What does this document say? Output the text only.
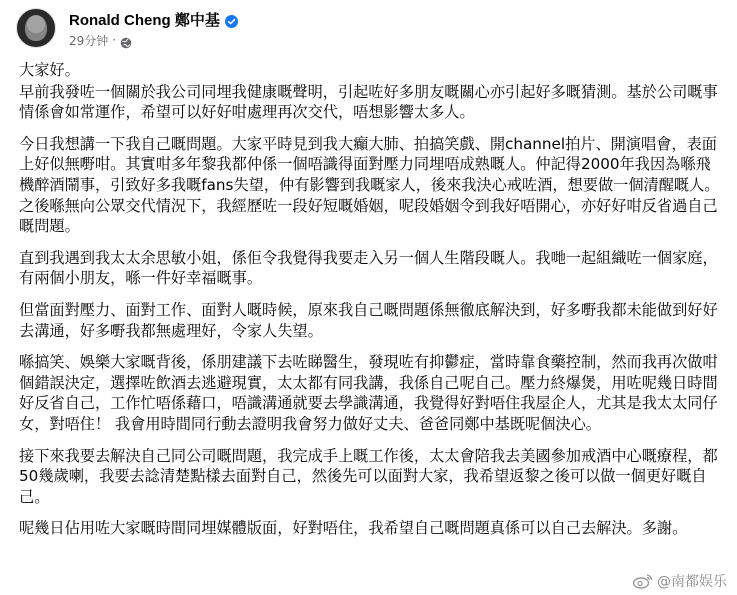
Ronald Cheng 鄭中基
29分钟 ·

大家好。

早前我發咗一個關於我公司同埋我健康嘅聲明，引起咗好多朋友嘅關心亦引起好多嘅猜測。基於公司嘅事情係會如常運作，希望可以好好咁處理再次交代，唔想影響太多人。

今日我想講一下我自己嘅問題。大家平時見到我大癲大肺、拍搞笑戲、開channel拍片、開演唱會，表面上好似無嘢咁。其實咁多年黎我都仲係一個唔識得面對壓力同埋唔成熟嘅人。仲記得2000年我因為喺飛機醉酒鬧事，引致好多我嘅fans失望，仲有影響到我嘅家人，後來我決心戒咗酒，想要做一個清醒嘅人。之後喺無向公眾交代情況下，我經歷咗一段好短嘅婚姻，呢段婚姻令到我好唔開心，亦好好咁反省過自己嘅問題。

直到我遇到我太太余思敏小姐，係佢令我覺得我要走入另一個人生階段嘅人。我哋一起組織咗一個家庭，有兩個小朋友，喺一件好幸福嘅事。

但當面對壓力、面對工作、面對人嘅時候，原來我自己嘅問題係無徹底解決到，好多嘢我都未能做到好好去溝通，好多嘢我都無處理好，令家人失望。

喺搞笑、娛樂大家嘅背後，係朋建議下去咗睇醫生，發現咗有抑鬱症，當時靠食藥控制，然而我再次做咁個錯誤決定，選擇咗飲酒去逃避現實，太太都有同我講，我係自己呢自己。壓力終爆煲，用咗呢幾日時間好反省自己，工作忙唔係藉口，唔識溝通就要去學識溝通，我覺得好對唔住我屋企人，尤其是我太太同仔女，對唔住！ 我會用時間同行動去證明我會努力做好丈夫、爸爸同鄭中基既呢個決心。

接下來我要去解決自己同公司嘅問題，我完成手上嘅工作後，太太會陪我去美國參加戒酒中心嘅療程，都50幾歲喇，我要去諗清楚點樣去面對自己，然後先可以面對大家，我希望返黎之後可以做一個更好嘅自己。

呢幾日佔用咗大家嘅時間同埋媒體版面，好對唔住，我希望自己嘅問題真係可以自己去解決。多謝。

@南都娱乐
